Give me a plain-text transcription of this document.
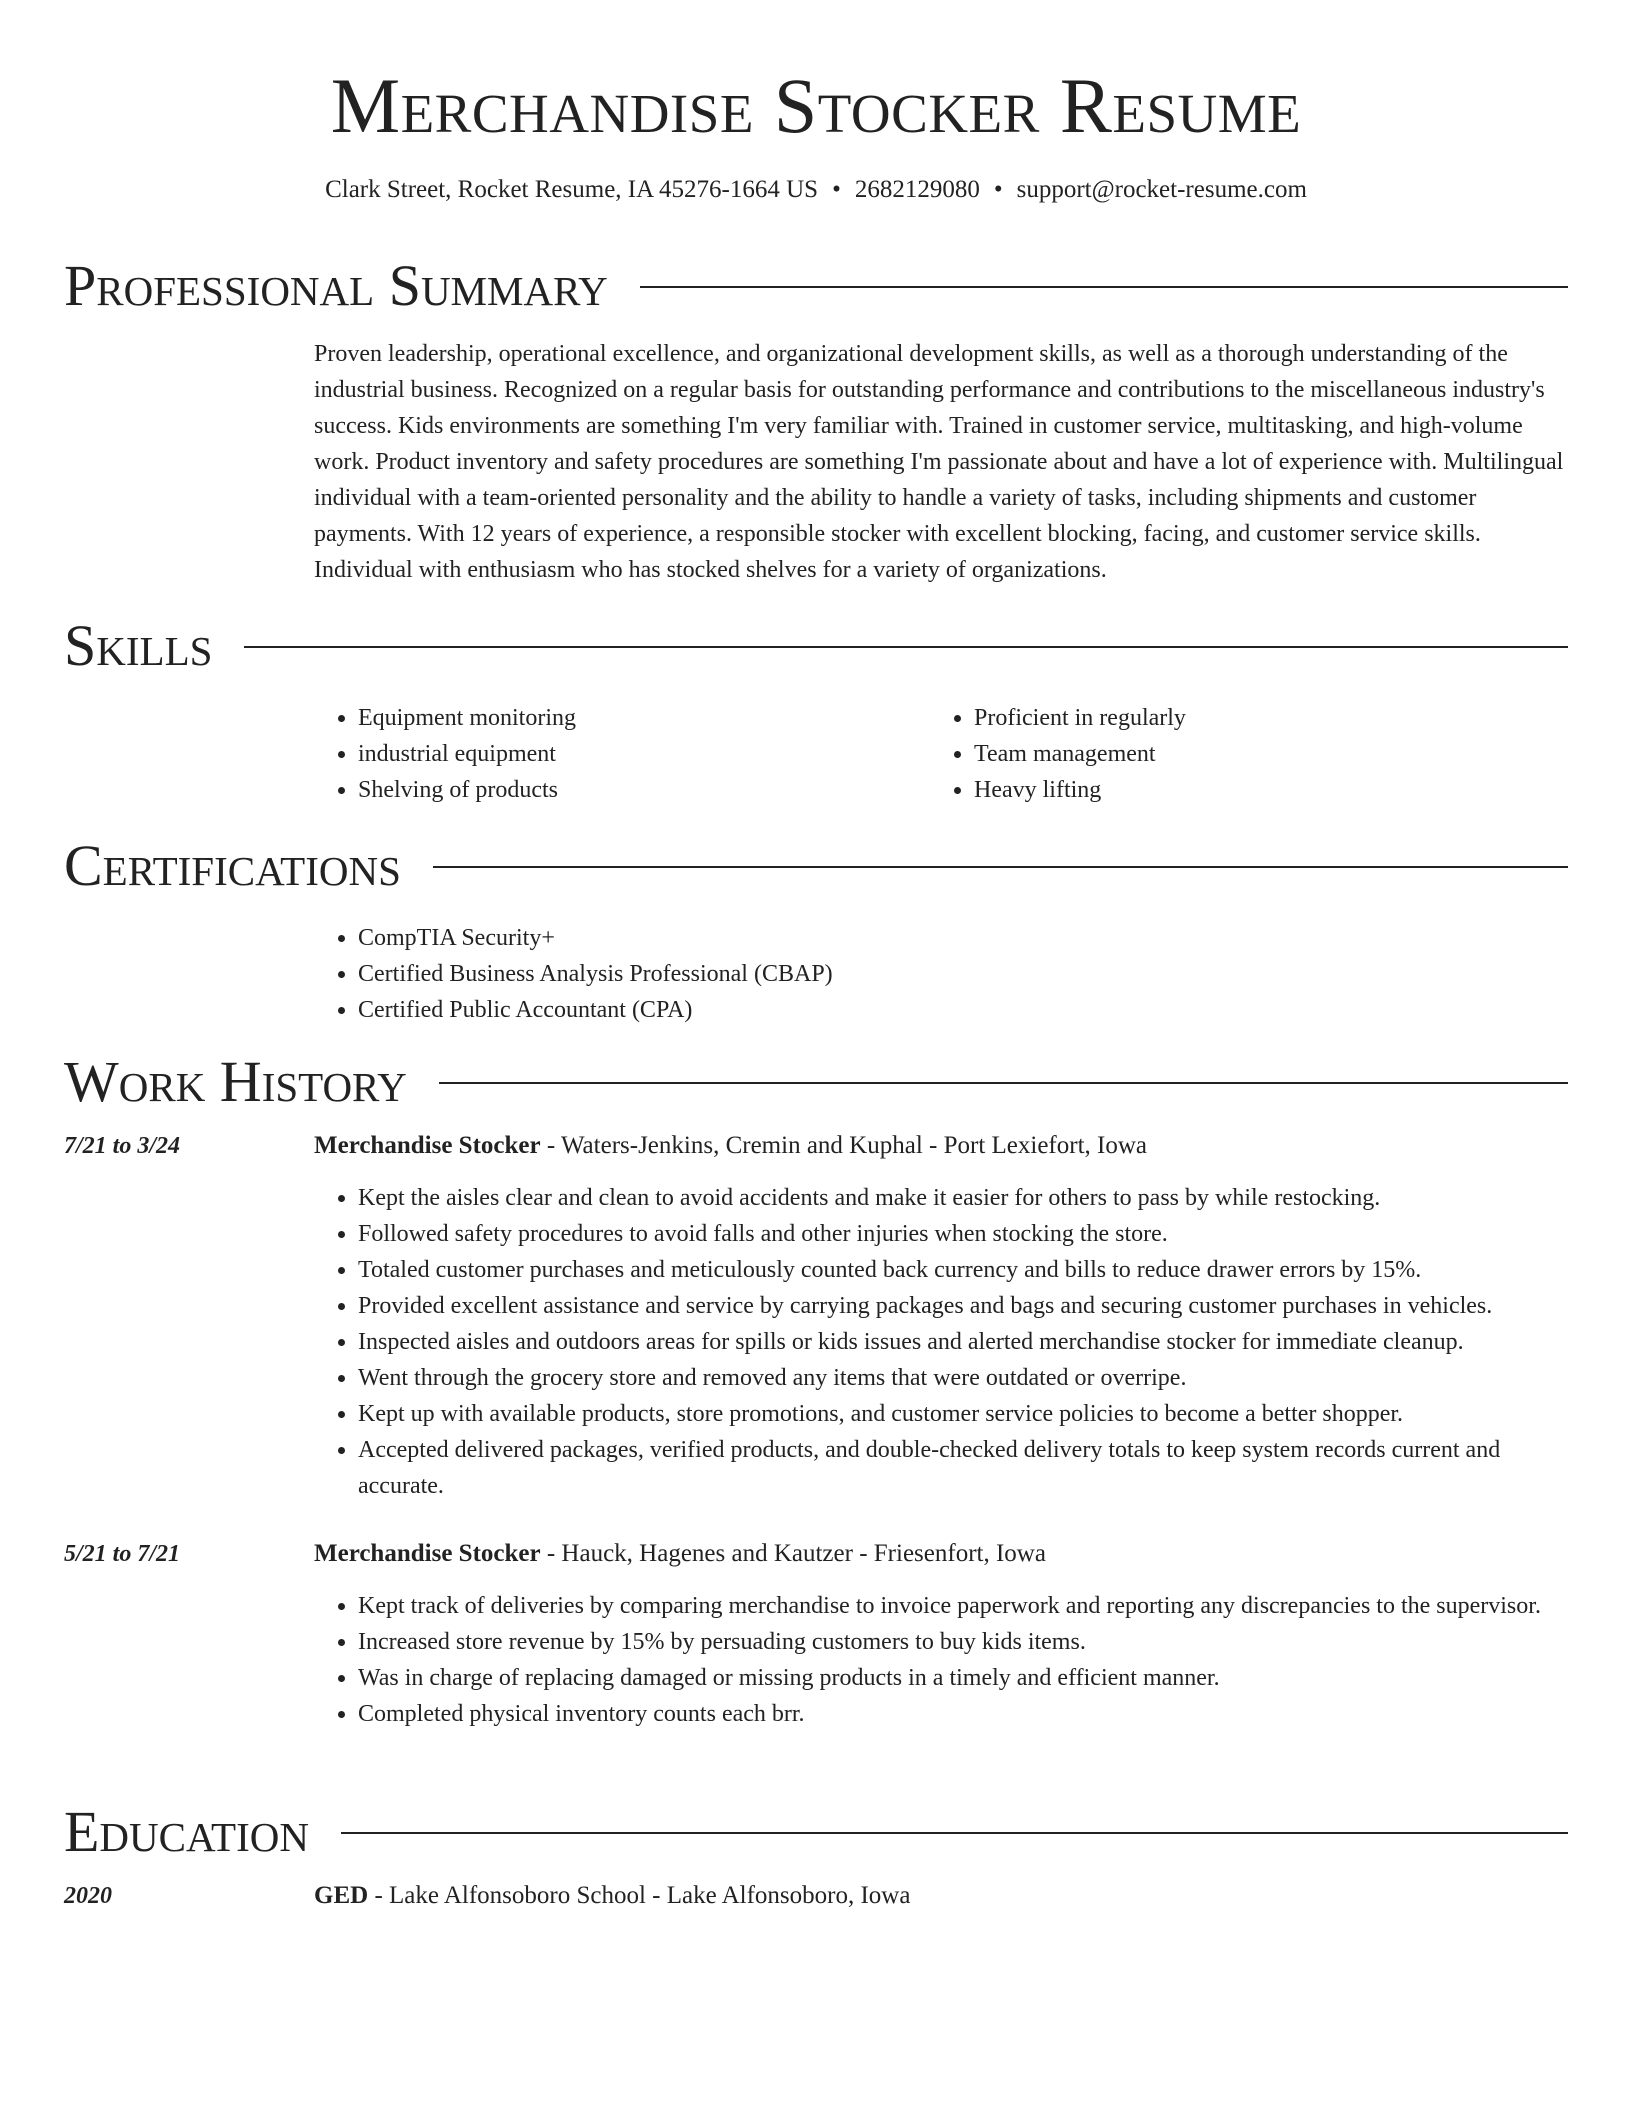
Merchandise Stocker Resume
Clark Street, Rocket Resume, IA 45276-1664 US • 2682129080 • support@rocket-resume.com
Professional Summary

Proven leadership, operational excellence, and organizational development skills, as well as a thorough understanding of the industrial business. Recognized on a regular basis for outstanding performance and contributions to the miscellaneous industry's success. Kids environments are something I'm very familiar with. Trained in customer service, multitasking, and high-volume work. Product inventory and safety procedures are something I'm passionate about and have a lot of experience with. Multilingual individual with a team-oriented personality and the ability to handle a variety of tasks, including shipments and customer payments. With 12 years of experience, a responsible stocker with excellent blocking, facing, and customer service skills. Individual with enthusiasm who has stocked shelves for a variety of organizations.

Skills
• Equipment monitoring
• industrial equipment
• Shelving of products
• Proficient in regularly
• Team management
• Heavy lifting
Certifications
• CompTIA Security+
• Certified Business Analysis Professional (CBAP)
• Certified Public Accountant (CPA)
Work History
7/21 to 3/24	Merchandise Stocker - Waters-Jenkins, Cremin and Kuphal - Port Lexiefort, Iowa
• Kept the aisles clear and clean to avoid accidents and make it easier for others to pass by while restocking.
• Followed safety procedures to avoid falls and other injuries when stocking the store.
• Totaled customer purchases and meticulously counted back currency and bills to reduce drawer errors by 15%.
• Provided excellent assistance and service by carrying packages and bags and securing customer purchases in vehicles.
• Inspected aisles and outdoors areas for spills or kids issues and alerted merchandise stocker for immediate cleanup.
• Went through the grocery store and removed any items that were outdated or overripe.
• Kept up with available products, store promotions, and customer service policies to become a better shopper.
• Accepted delivered packages, verified products, and double-checked delivery totals to keep system records current and accurate.
5/21 to 7/21	Merchandise Stocker - Hauck, Hagenes and Kautzer - Friesenfort, Iowa
• Kept track of deliveries by comparing merchandise to invoice paperwork and reporting any discrepancies to the supervisor.
• Increased store revenue by 15% by persuading customers to buy kids items.
• Was in charge of replacing damaged or missing products in a timely and efficient manner.
• Completed physical inventory counts each brr.
Education
2020	GED - Lake Alfonsoboro School - Lake Alfonsoboro, Iowa
